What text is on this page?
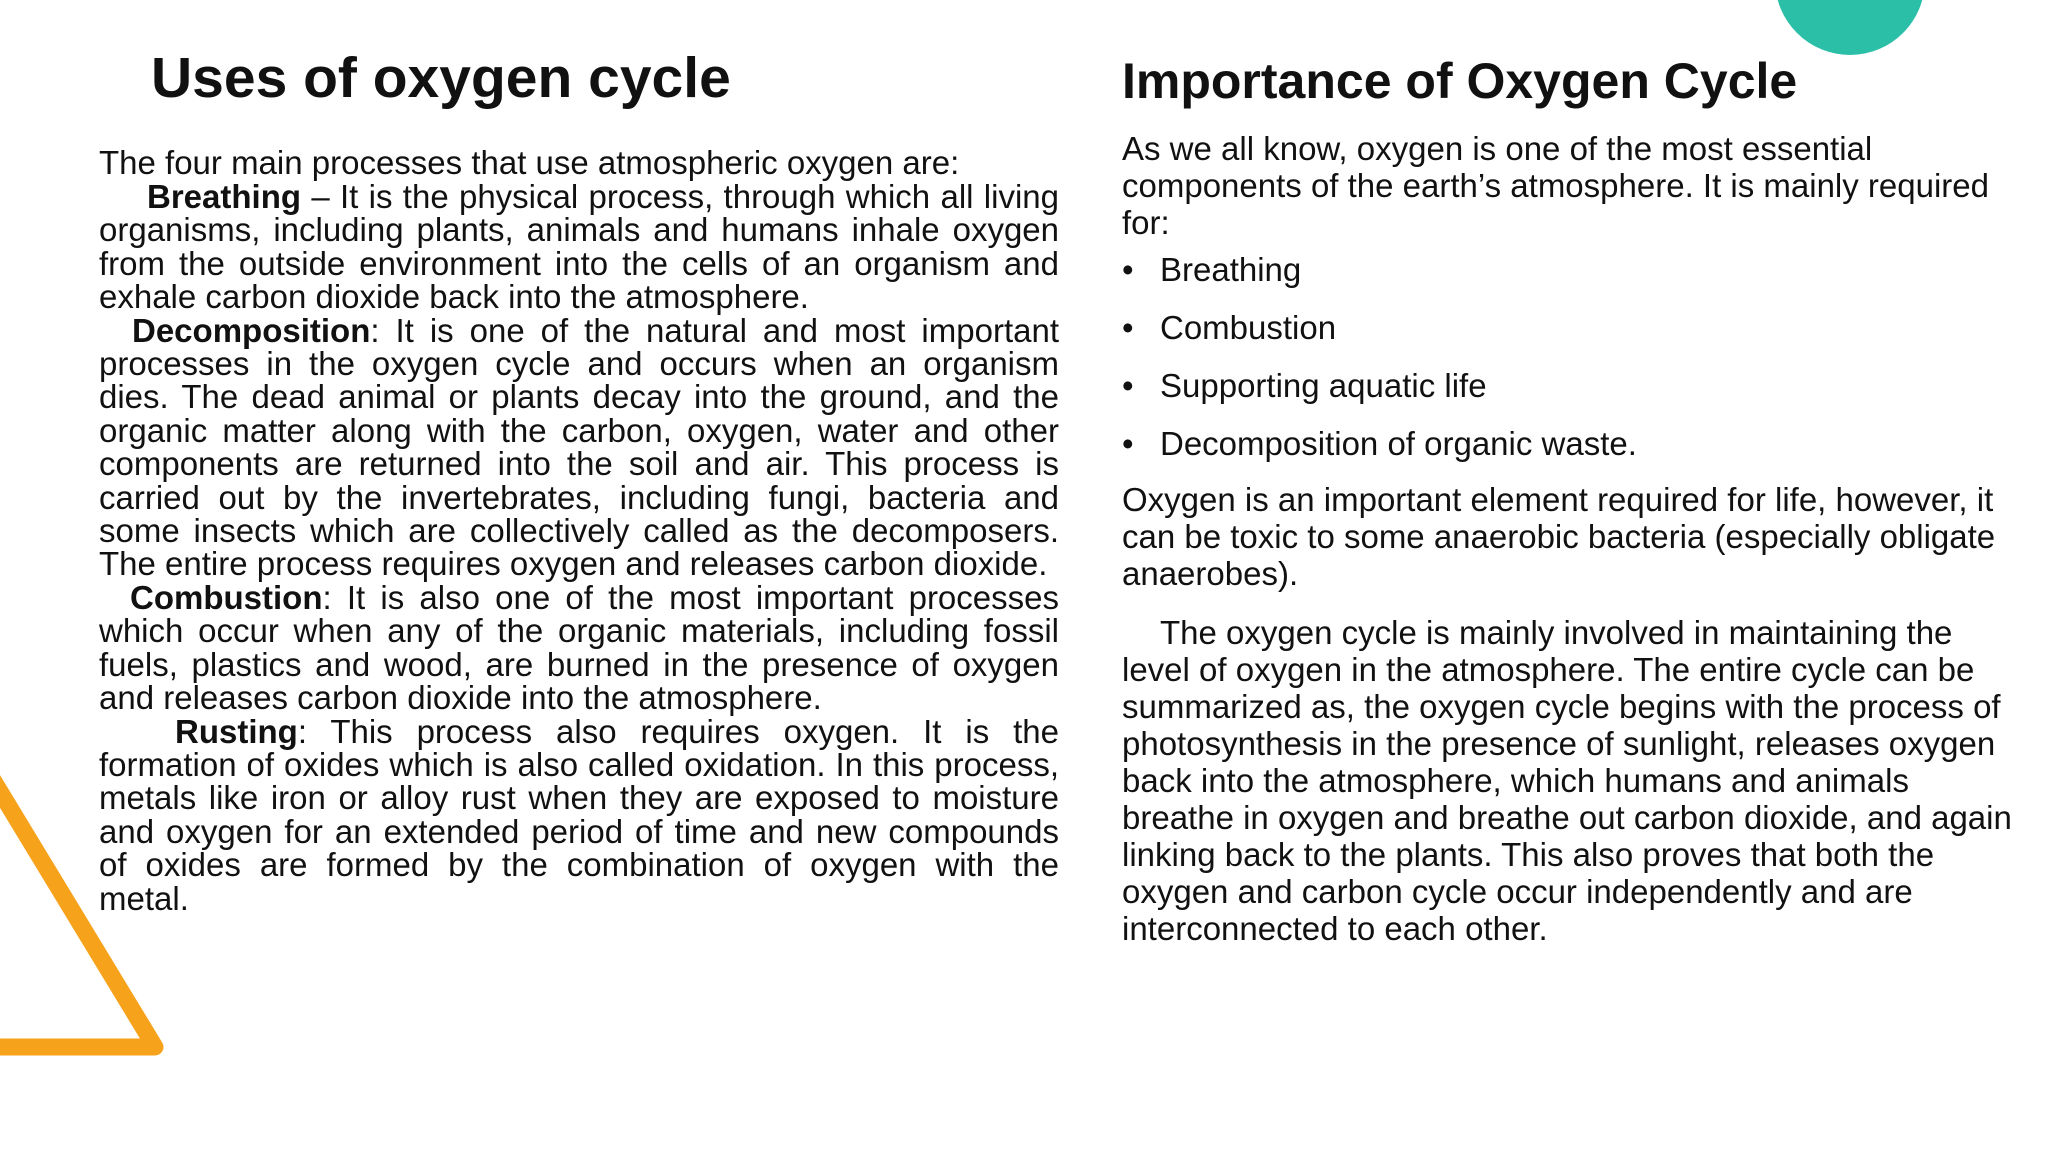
Uses of oxygen cycle

The four main processes that use atmospheric oxygen are:

Breathing – It is the physical process, through which all living organisms, including plants, animals and humans inhale oxygen from the outside environment into the cells of an organism and exhale carbon dioxide back into the atmosphere.

Decomposition: It is one of the natural and most important processes in the oxygen cycle and occurs when an organism dies. The dead animal or plants decay into the ground, and the organic matter along with the carbon, oxygen, water and other components are returned into the soil and air. This process is carried out by the invertebrates, including fungi, bacteria and some insects which are collectively called as the decomposers. The entire process requires oxygen and releases carbon dioxide.

Combustion: It is also one of the most important processes which occur when any of the organic materials, including fossil fuels, plastics and wood, are burned in the presence of oxygen and releases carbon dioxide into the atmosphere.

Rusting: This process also requires oxygen. It is the formation of oxides which is also called oxidation. In this process, metals like iron or alloy rust when they are exposed to moisture and oxygen for an extended period of time and new compounds of oxides are formed by the combination of oxygen with the metal.

Importance of Oxygen Cycle

As we all know, oxygen is one of the most essential components of the earth’s atmosphere. It is mainly required for:

• Breathing
• Combustion
• Supporting aquatic life
• Decomposition of organic waste.

Oxygen is an important element required for life, however, it can be toxic to some anaerobic bacteria (especially obligate anaerobes).

The oxygen cycle is mainly involved in maintaining the level of oxygen in the atmosphere. The entire cycle can be summarized as, the oxygen cycle begins with the process of photosynthesis in the presence of sunlight, releases oxygen back into the atmosphere, which humans and animals breathe in oxygen and breathe out carbon dioxide, and again linking back to the plants. This also proves that both the oxygen and carbon cycle occur independently and are interconnected to each other.
